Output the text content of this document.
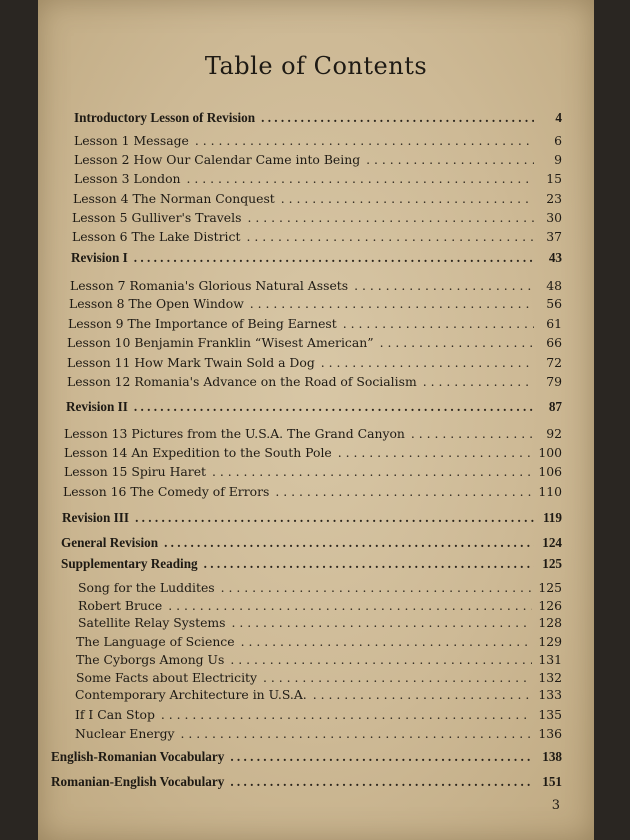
Table of Contents
Introductory Lesson of Revision . . .	4
Lesson 1 Message . . .	6
Lesson 2 How Our Calendar Came into Being . . .	9
Lesson 3 London . . .	15
Lesson 4 The Norman Conquest . . .	23
Lesson 5 Gulliver's Travels . . .	30
Lesson 6 The Lake District . . .	37
Revision I . . .	43
Lesson 7 Romania's Glorious Natural Assets . . .	48
Lesson 8 The Open Window . . .	56
Lesson 9 The Importance of Being Earnest . . .	61
Lesson 10 Benjamin Franklin “Wisest American” . . .	66
Lesson 11 How Mark Twain Sold a Dog . . .	72
Lesson 12 Romania's Advance on the Road of Socialism . . .	79
Revision II . . .	87
Lesson 13 Pictures from the U.S.A. The Grand Canyon . . .	92
Lesson 14 An Expedition to the South Pole . . .	100
Lesson 15 Spiru Haret . . .	106
Lesson 16 The Comedy of Errors . . .	110
Revision III . . .	119
General Revision . . .	124
Supplementary Reading . . .	125
Song for the Luddites . . .	125
Robert Bruce . . .	126
Satellite Relay Systems . . .	128
The Language of Science . . .	129
The Cyborgs Among Us . . .	131
Some Facts about Electricity . . .	132
Contemporary Architecture in U.S.A. . . .	133
If I Can Stop . . .	135
Nuclear Energy . . .	136
English-Romanian Vocabulary . . .	138
Romanian-English Vocabulary . . .	151
3
